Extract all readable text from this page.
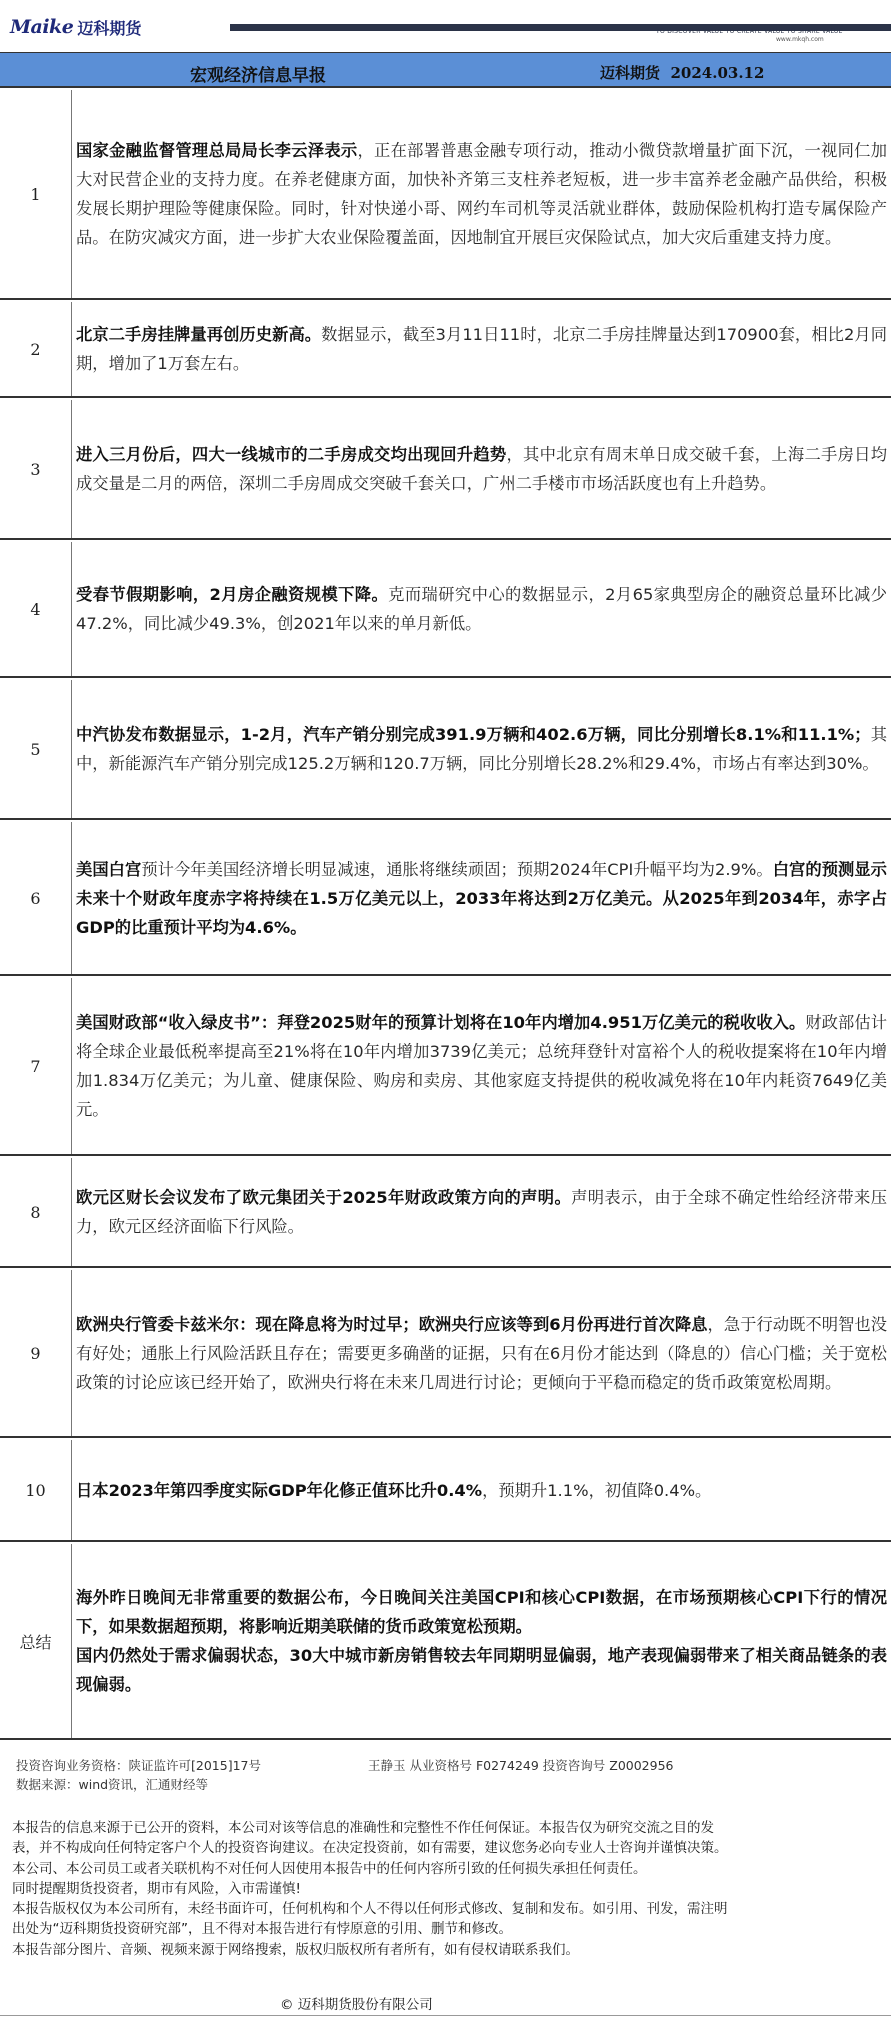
Maike 迈科期货	TO DISCOVER VALUE TO CREATE VALUE TO SHARE VALUE
www.mkqh.com
宏观经济信息早报	迈科期货 2024.03.12
1

国家金融监督管理总局局长李云泽表示，正在部署普惠金融专项行动，推动小微贷款增量扩面下沉，一视同仁加大对民营企业的支持力度。在养老健康方面，加快补齐第三支柱养老短板，进一步丰富养老金融产品供给，积极发展长期护理险等健康保险。同时，针对快递小哥、网约车司机等灵活就业群体，鼓励保险机构打造专属保险产品。在防灾减灾方面，进一步扩大农业保险覆盖面，因地制宜开展巨灾保险试点，加大灾后重建支持力度。

2

北京二手房挂牌量再创历史新高。数据显示，截至3月11日11时，北京二手房挂牌量达到170900套，相比2月同期，增加了1万套左右。

3

进入三月份后，四大一线城市的二手房成交均出现回升趋势，其中北京有周末单日成交破千套，上海二手房日均成交量是二月的两倍，深圳二手房周成交突破千套关口，广州二手楼市市场活跃度也有上升趋势。

4

受春节假期影响，2月房企融资规模下降。克而瑞研究中心的数据显示，2月65家典型房企的融资总量环比减少47.2%，同比减少49.3%，创2021年以来的单月新低。

5

中汽协发布数据显示，1-2月，汽车产销分别完成391.9万辆和402.6万辆，同比分别增长8.1%和11.1%；其中，新能源汽车产销分别完成125.2万辆和120.7万辆，同比分别增长28.2%和29.4%，市场占有率达到30%。

6

美国白宫预计今年美国经济增长明显减速，通胀将继续顽固；预期2024年CPI升幅平均为2.9%。白宫的预测显示未来十个财政年度赤字将持续在1.5万亿美元以上，2033年将达到2万亿美元。从2025年到2034年，赤字占GDP的比重预计平均为4.6%。

7

美国财政部“收入绿皮书”：拜登2025财年的预算计划将在10年内增加4.951万亿美元的税收收入。财政部估计将全球企业最低税率提高至21%将在10年内增加3739亿美元；总统拜登针对富裕个人的税收提案将在10年内增加1.834万亿美元；为儿童、健康保险、购房和卖房、其他家庭支持提供的税收减免将在10年内耗资7649亿美元。

8

欧元区财长会议发布了欧元集团关于2025年财政政策方向的声明。声明表示，由于全球不确定性给经济带来压力，欧元区经济面临下行风险。

9

欧洲央行管委卡兹米尔：现在降息将为时过早；欧洲央行应该等到6月份再进行首次降息，急于行动既不明智也没有好处；通胀上行风险活跃且存在；需要更多确凿的证据，只有在6月份才能达到（降息的）信心门槛；关于宽松政策的讨论应该已经开始了，欧洲央行将在未来几周进行讨论；更倾向于平稳而稳定的货币政策宽松周期。

10	日本2023年第四季度实际GDP年化修正值环比升0.4%，预期升1.1%，初值降0.4%。

总结

海外昨日晚间无非常重要的数据公布，今日晚间关注美国CPI和核心CPI数据，在市场预期核心CPI下行的情况下，如果数据超预期，将影响近期美联储的货币政策宽松预期。
国内仍然处于需求偏弱状态，30大中城市新房销售较去年同期明显偏弱，地产表现偏弱带来了相关商品链条的表现偏弱。

投资咨询业务资格：陕证监许可[2015]17号	王静玉 从业资格号 F0274249 投资咨询号 Z0002956
数据来源：wind资讯，汇通财经等

本报告的信息来源于已公开的资料，本公司对该等信息的准确性和完整性不作任何保证。本报告仅为研究交流之目的发表，并不构成向任何特定客户个人的投资咨询建议。在决定投资前，如有需要，建议您务必向专业人士咨询并谨慎决策。本公司、本公司员工或者关联机构不对任何人因使用本报告中的任何内容所引致的任何损失承担任何责任。

同时提醒期货投资者，期市有风险，入市需谨慎!

本报告版权仅为本公司所有，未经书面许可，任何机构和个人不得以任何形式修改、复制和发布。如引用、刊发，需注明出处为“迈科期货投资研究部”，且不得对本报告进行有悖原意的引用、删节和修改。

本报告部分图片、音频、视频来源于网络搜索，版权归版权所有者所有，如有侵权请联系我们。

© 迈科期货股份有限公司
